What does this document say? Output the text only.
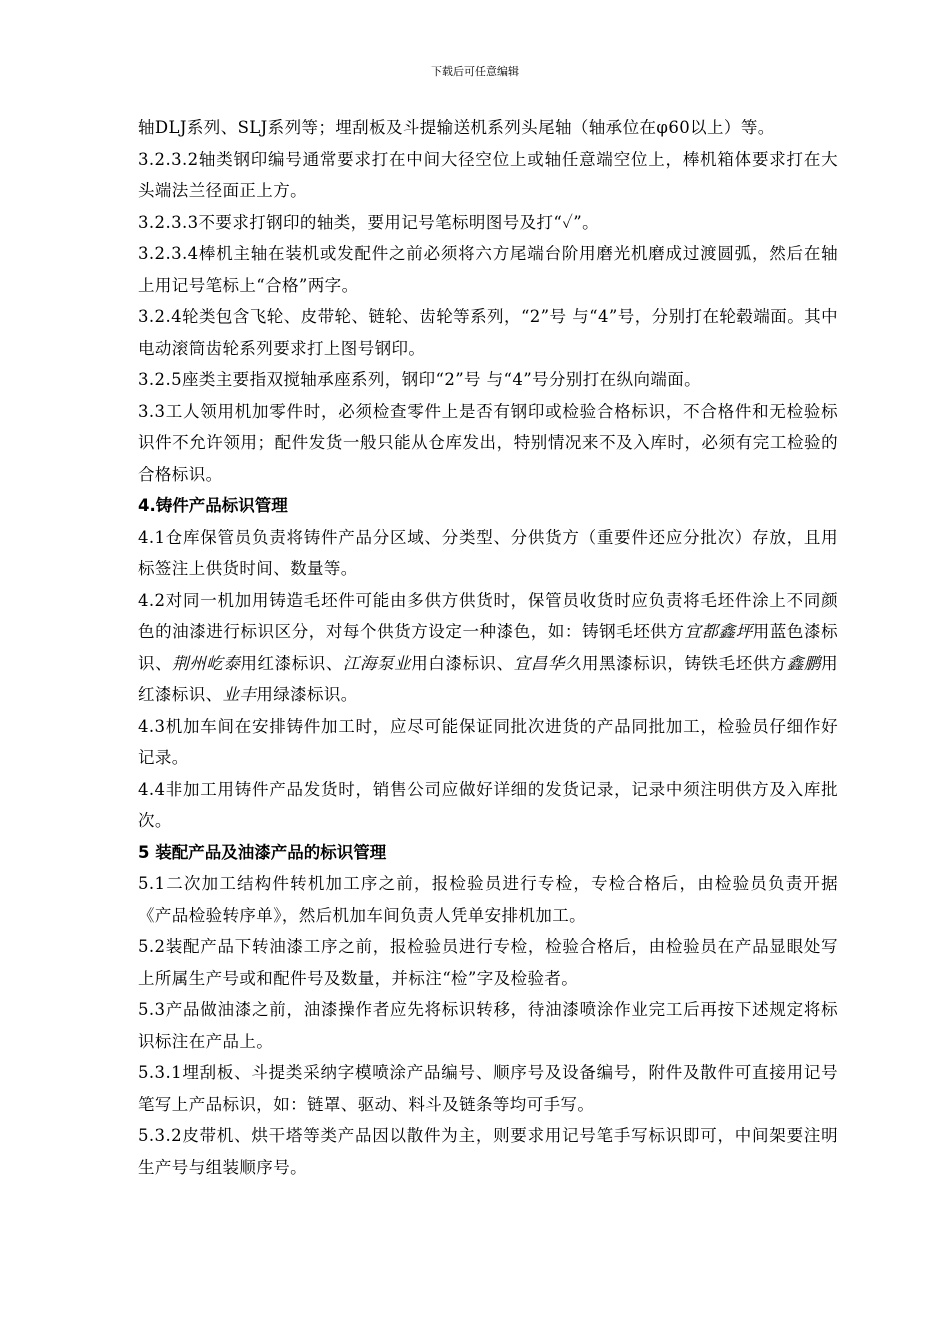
下载后可任意编辑

轴DLJ系列、SLJ系列等；埋刮板及斗提输送机系列头尾轴（轴承位在φ60以上）等。

3.2.3.2轴类钢印编号通常要求打在中间大径空位上或轴任意端空位上，棒机箱体要求打在大头端法兰径面正上方。

3.2.3.3不要求打钢印的轴类，要用记号笔标明图号及打“✓”。

3.2.3.4棒机主轴在装机或发配件之前必须将六方尾端台阶用磨光机磨成过渡圆弧，然后在轴上用记号笔标上“合格”两字。

3.2.4轮类包含飞轮、皮带轮、链轮、齿轮等系列，“2”号 与“4”号，分别打在轮毂端面。其中电动滚筒齿轮系列要求打上图号钢印。

3.2.5座类主要指双搅轴承座系列，钢印“2”号 与“4”号分别打在纵向端面。

3.3工人领用机加零件时，必须检查零件上是否有钢印或检验合格标识，不合格件和无检验标识件不允许领用；配件发货一般只能从仓库发出，特别情况来不及入库时，必须有完工检验的合格标识。

4.铸件产品标识管理

4.1仓库保管员负责将铸件产品分区域、分类型、分供货方（重要件还应分批次）存放，且用标签注上供货时间、数量等。

4.2对同一机加用铸造毛坯件可能由多供方供货时，保管员收货时应负责将毛坯件涂上不同颜色的油漆进行标识区分，对每个供货方设定一种漆色，如：铸钢毛坯供方宜都鑫坪用蓝色漆标识、荆州屹泰用红漆标识、江海泵业用白漆标识、宜昌华久用黑漆标识，铸铁毛坯供方鑫鹏用红漆标识、业丰用绿漆标识。

4.3机加车间在安排铸件加工时，应尽可能保证同批次进货的产品同批加工，检验员仔细作好记录。

4.4非加工用铸件产品发货时，销售公司应做好详细的发货记录，记录中须注明供方及入库批次。

5 装配产品及油漆产品的标识管理

5.1二次加工结构件转机加工序之前，报检验员进行专检，专检合格后，由检验员负责开据《产品检验转序单》，然后机加车间负责人凭单安排机加工。

5.2装配产品下转油漆工序之前，报检验员进行专检，检验合格后，由检验员在产品显眼处写上所属生产号或和配件号及数量，并标注“检”字及检验者。

5.3产品做油漆之前，油漆操作者应先将标识转移，待油漆喷涂作业完工后再按下述规定将标识标注在产品上。

5.3.1埋刮板、斗提类采纳字模喷涂产品编号、顺序号及设备编号，附件及散件可直接用记号笔写上产品标识，如：链罩、驱动、料斗及链条等均可手写。

5.3.2皮带机、烘干塔等类产品因以散件为主，则要求用记号笔手写标识即可，中间架要注明生产号与组装顺序号。
